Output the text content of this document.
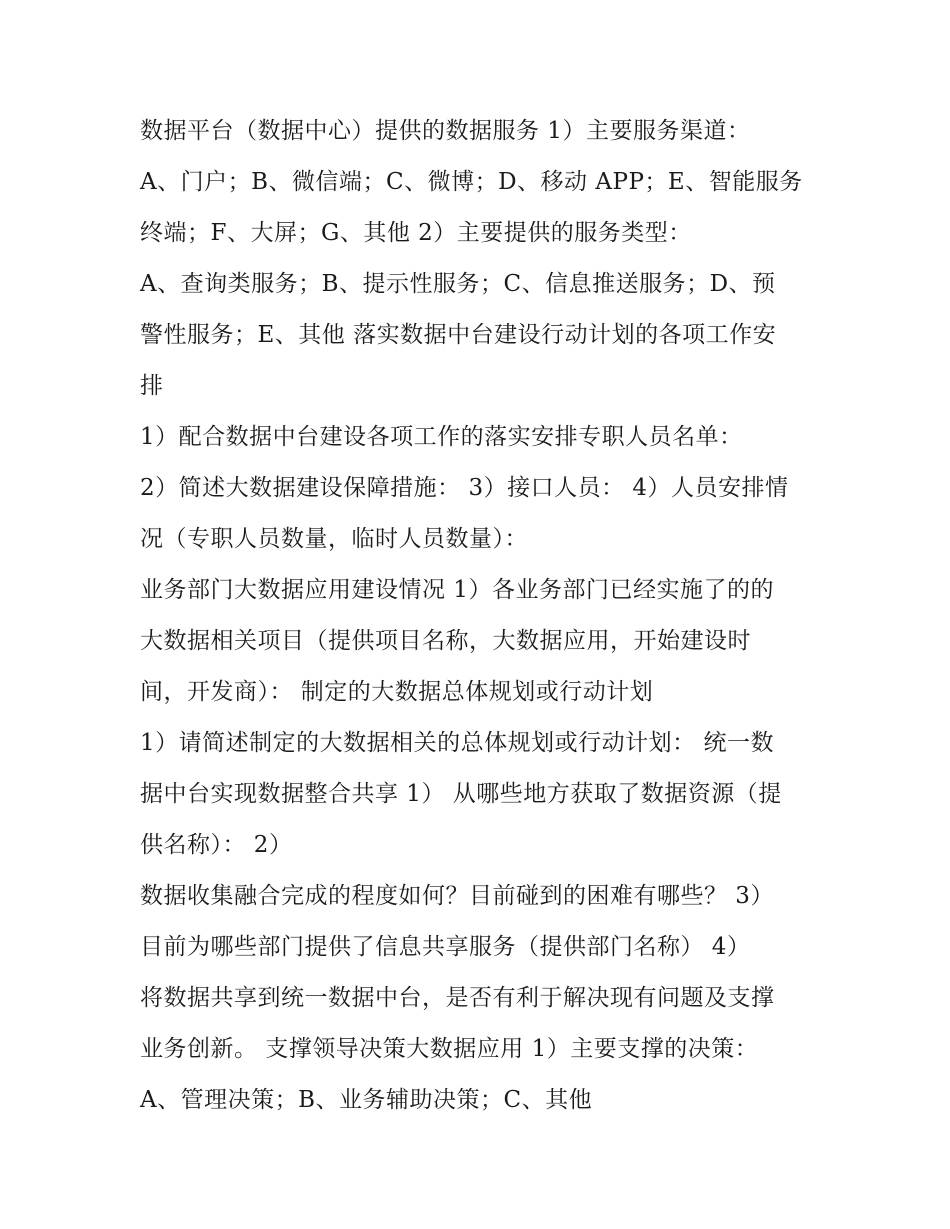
数据平台（数据中心）提供的数据服务 1）主要服务渠道：
A、门户；B、微信端；C、微博；D、移动 APP；E、智能服务
终端；F、大屏；G、其他 2）主要提供的服务类型：
A、查询类服务；B、提示性服务；C、信息推送服务；D、预
警性服务；E、其他 落实数据中台建设行动计划的各项工作安
排
1）配合数据中台建设各项工作的落实安排专职人员名单：
2）简述大数据建设保障措施： 3）接口人员： 4）人员安排情
况（专职人员数量，临时人员数量）：
业务部门大数据应用建设情况 1）各业务部门已经实施了的的
大数据相关项目（提供项目名称，大数据应用，开始建设时
间，开发商）： 制定的大数据总体规划或行动计划
1）请简述制定的大数据相关的总体规划或行动计划： 统一数
据中台实现数据整合共享 1） 从哪些地方获取了数据资源（提
供名称）： 2）
数据收集融合完成的程度如何？目前碰到的困难有哪些？ 3）
目前为哪些部门提供了信息共享服务（提供部门名称） 4）
将数据共享到统一数据中台，是否有利于解决现有问题及支撑
业务创新。 支撑领导决策大数据应用 1）主要支撑的决策：
A、管理决策；B、业务辅助决策；C、其他
